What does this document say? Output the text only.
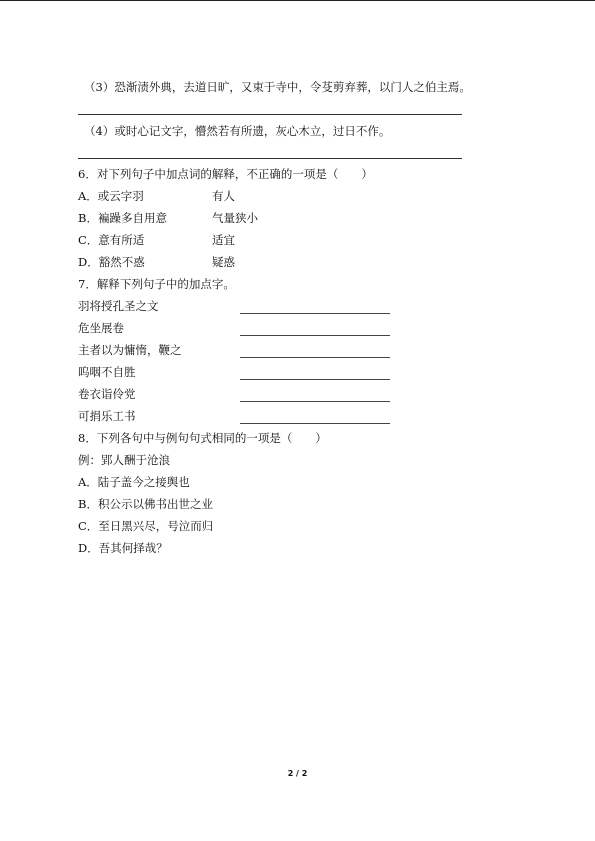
（3）恐渐渍外典，去道日旷，又束于寺中，令芟剪弃葬，以门人之伯主焉。
（4）或时心记文字，懵然若有所遗，灰心木立，过日不作。
6．对下列句子中加点词的解释，不正确的一项是（　　）
A．或云字羽	有人
B．褊躁多自用意	气量狭小
C．意有所适	适宜
D．豁然不惑	疑惑
7．解释下列句子中的加点字。
羽将授孔圣之文
危坐展卷
主者以为慵惰，鞭之
呜咽不自胜
卷衣诣伶党
可捐乐工书
8．下列各句中与例句句式相同的一项是（　　）
例：郢人酬于沧浪
A．陆子盖今之接舆也
B．积公示以佛书出世之业
C．至日黑兴尽，号泣而归
D．吾其何择哉？
2 / 2
